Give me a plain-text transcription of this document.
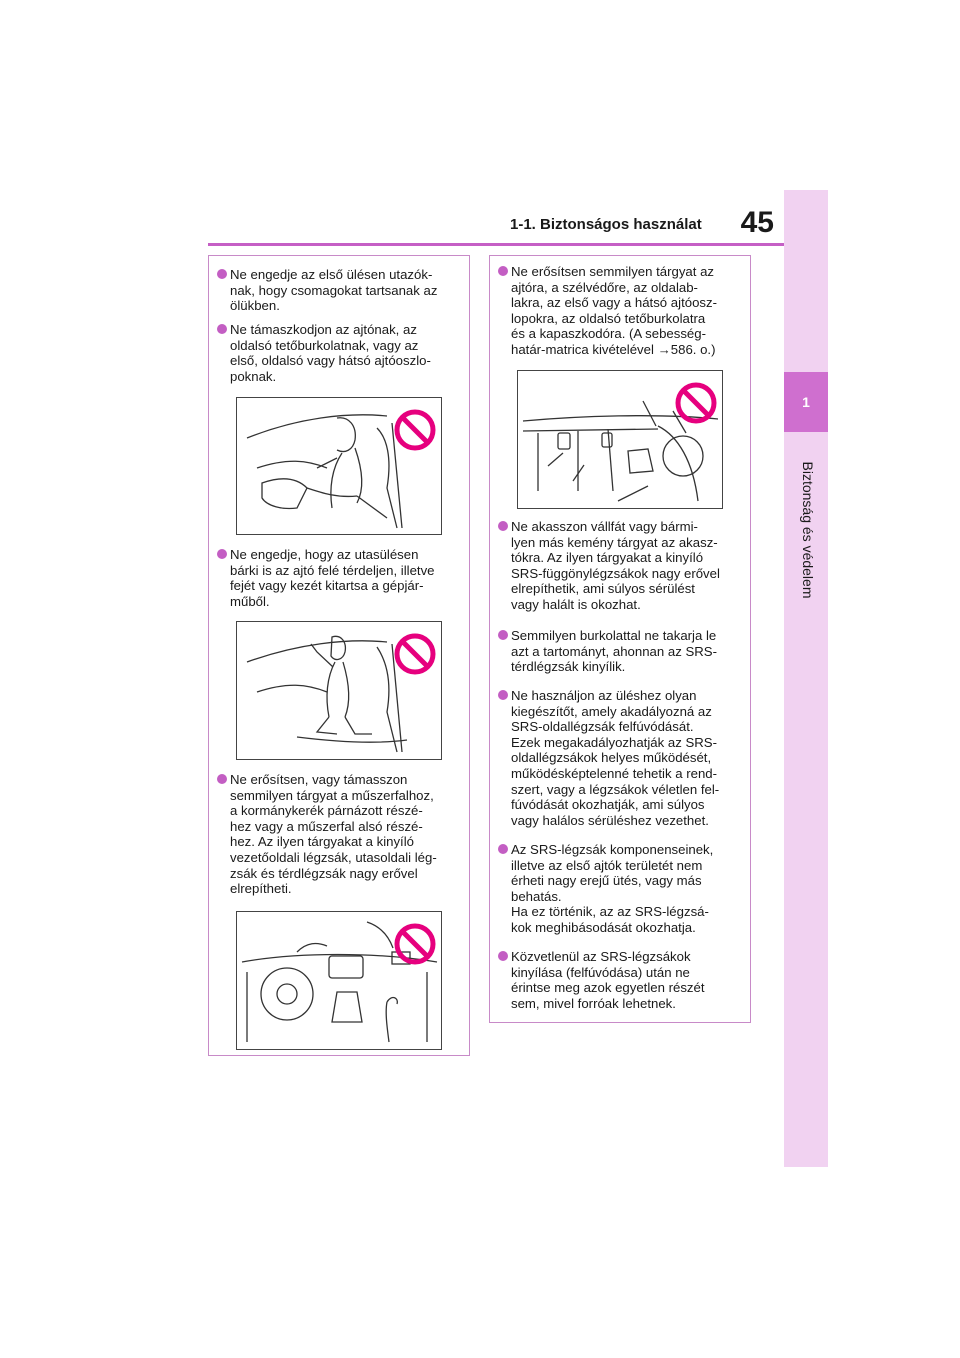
1-1. Biztonságos használat	45
1
Biztonság és védelem
Ne engedje az első ülésen utazók-
nak, hogy csomagokat tartsanak az
ölükben.
Ne támaszkodjon az ajtónak, az
oldalsó tetőburkolatnak, vagy az
első, oldalsó vagy hátsó ajtóoszlo-
poknak.
Ne engedje, hogy az utasülésen
bárki is az ajtó felé térdeljen, illetve
fejét vagy kezét kitartsa a gépjár-
műből.
Ne erősítsen, vagy támasszon
semmilyen tárgyat a műszerfalhoz,
a kormánykerék párnázott részé-
hez vagy a műszerfal alsó részé-
hez. Az ilyen tárgyakat a kinyíló
vezetőoldali légzsák, utasoldali lég-
zsák és térdlégzsák nagy erővel
elrepítheti.
Ne erősítsen semmilyen tárgyat az
ajtóra, a szélvédőre, az oldalab-
lakra, az első vagy a hátsó ajtóosz-
lopokra, az oldalsó tetőburkolatra
és a kapaszkodóra. (A sebesség-
határ-matrica kivételével →586. o.)
Ne akasszon vállfát vagy bármi-
lyen más kemény tárgyat az akasz-
tókra. Az ilyen tárgyakat a kinyíló
SRS-függönylégzsákok nagy erővel
elrepíthetik, ami súlyos sérülést
vagy halált is okozhat.
Semmilyen burkolattal ne takarja le
azt a tartományt, ahonnan az SRS-
térdlégzsák kinyílik.
Ne használjon az üléshez olyan
kiegészítőt, amely akadályozná az
SRS-oldallégzsák felfúvódását.
Ezek megakadályozhatják az SRS-
oldallégzsákok helyes működését,
működésképtelenné tehetik a rend-
szert, vagy a légzsákok véletlen fel-
fúvódását okozhatják, ami súlyos
vagy halálos sérüléshez vezethet.
Az SRS-légzsák komponenseinek,
illetve az első ajtók területét nem
érheti nagy erejű ütés, vagy más
behatás.
Ha ez történik, az az SRS-légzsá-
kok meghibásodását okozhatja.
Közvetlenül az SRS-légzsákok
kinyílása (felfúvódása) után ne
érintse meg azok egyetlen részét
sem, mivel forróak lehetnek.
